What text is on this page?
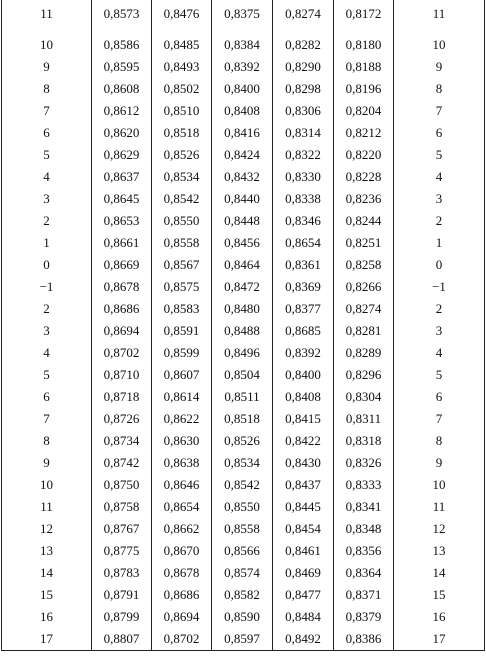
11	0,8573	0,8476	0,8375	0,8274	0,8172	11
10	0,8586	0,8485	0,8384	0,8282	0,8180	10
9	0,8595	0,8493	0,8392	0,8290	0,8188	9
8	0,8608	0,8502	0,8400	0,8298	0,8196	8
7	0,8612	0,8510	0,8408	0,8306	0,8204	7
6	0,8620	0,8518	0,8416	0,8314	0,8212	6
5	0,8629	0,8526	0,8424	0,8322	0,8220	5
4	0,8637	0,8534	0,8432	0,8330	0,8228	4
3	0,8645	0,8542	0,8440	0,8338	0,8236	3
2	0,8653	0,8550	0,8448	0,8346	0,8244	2
1	0,8661	0,8558	0,8456	0,8654	0,8251	1
0	0,8669	0,8567	0,8464	0,8361	0,8258	0
−1	0,8678	0,8575	0,8472	0,8369	0,8266	−1
2	0,8686	0,8583	0,8480	0,8377	0,8274	2
3	0,8694	0,8591	0,8488	0,8685	0,8281	3
4	0,8702	0,8599	0,8496	0,8392	0,8289	4
5	0,8710	0,8607	0,8504	0,8400	0,8296	5
6	0,8718	0,8614	0,8511	0,8408	0,8304	6
7	0,8726	0,8622	0,8518	0,8415	0,8311	7
8	0,8734	0,8630	0,8526	0,8422	0,8318	8
9	0,8742	0,8638	0,8534	0,8430	0,8326	9
10	0,8750	0,8646	0,8542	0,8437	0,8333	10
11	0,8758	0,8654	0,8550	0,8445	0,8341	11
12	0,8767	0,8662	0,8558	0,8454	0,8348	12
13	0,8775	0,8670	0,8566	0,8461	0,8356	13
14	0,8783	0,8678	0,8574	0,8469	0,8364	14
15	0,8791	0,8686	0,8582	0,8477	0,8371	15
16	0,8799	0,8694	0,8590	0,8484	0,8379	16
17	0,8807	0,8702	0,8597	0,8492	0,8386	17
